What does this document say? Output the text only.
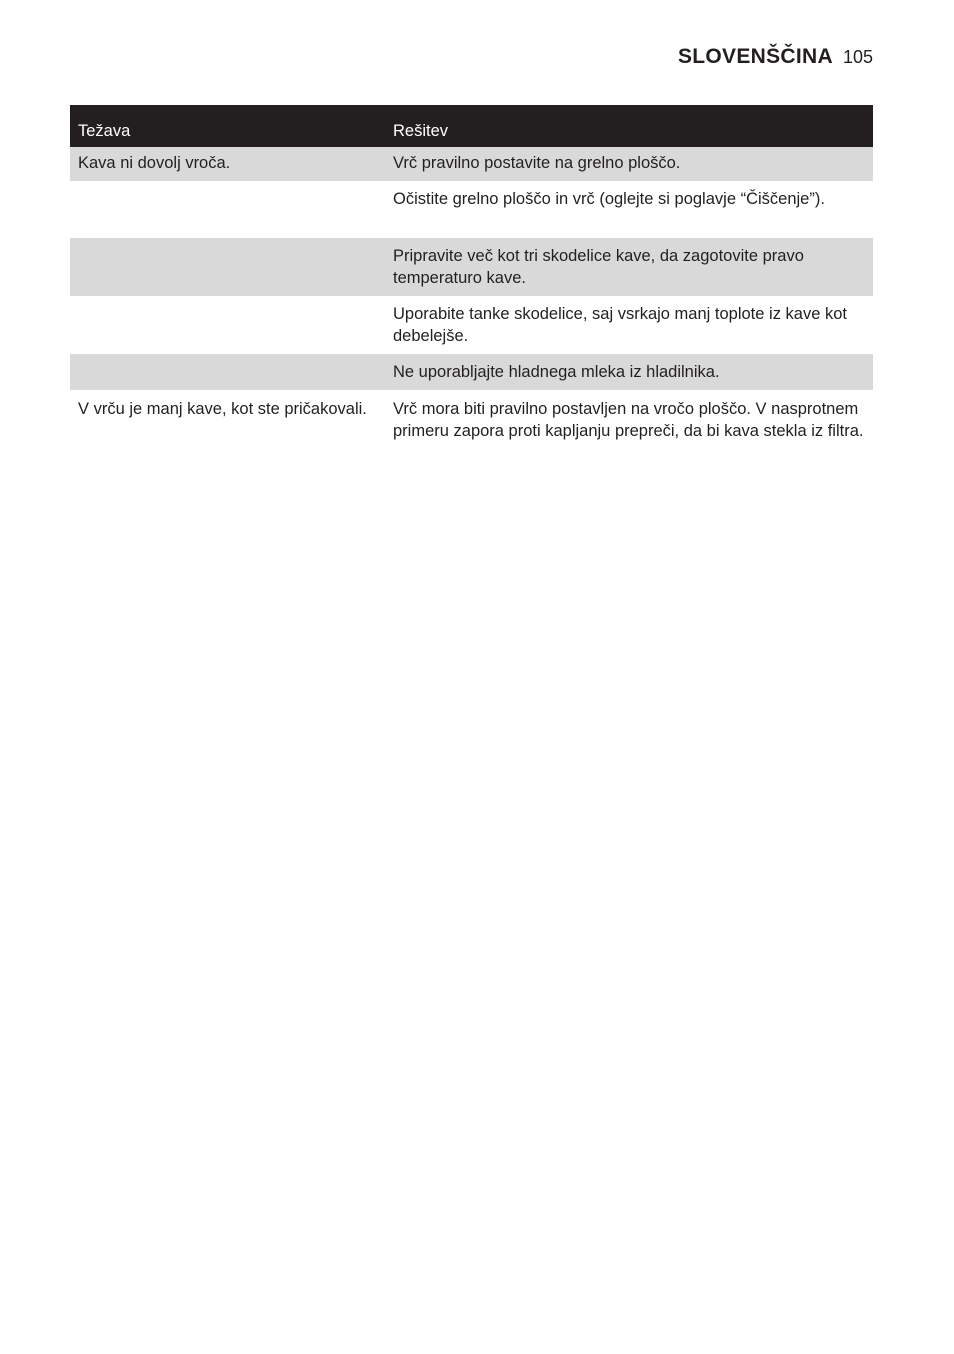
SLOVENŠČINA 105
Težava	Rešitev
Kava ni dovolj vroča.	Vrč pravilno postavite na grelno ploščo.
	Očistite grelno ploščo in vrč (oglejte si poglavje “Čiščenje”).
	Pripravite več kot tri skodelice kave, da zagotovite pravo temperaturo kave.
	Uporabite tanke skodelice, saj vsrkajo manj toplote iz kave kot debelejše.
	Ne uporabljajte hladnega mleka iz hladilnika.
V vrču je manj kave, kot ste pričakovali.	Vrč mora biti pravilno postavljen na vročo ploščo. V nasprotnem primeru zapora proti kapljanju prepreči, da bi kava stekla iz filtra.
